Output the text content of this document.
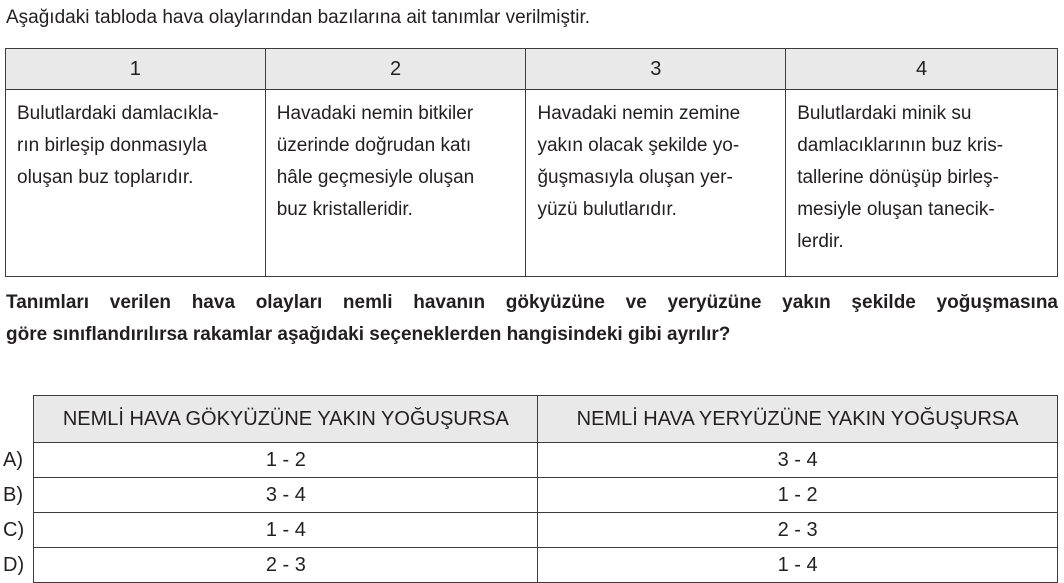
Aşağıdaki tabloda hava olaylarından bazılarına ait tanımlar verilmiştir.
1	2	3	4

Bulutlardaki damlacıkla-
rın birleşip donmasıyla
oluşan buz toplarıdır.	Havadaki nemin bitkiler
üzerinde doğrudan katı
hâle geçmesiyle oluşan
buz kristalleridir.	Havadaki nemin zemine
yakın olacak şekilde yo-
ğuşmasıyla oluşan yer-
yüzü bulutlarıdır.	Bulutlardaki minik su
damlacıklarının buz kris-
tallerine dönüşüp birleş-
mesiyle oluşan tanecik-
lerdir.
Tanımları verilen hava olayları nemli havanın gökyüzüne ve yeryüzüne yakın şekilde yoğuşmasına
göre sınıflandırılırsa rakamlar aşağıdaki seçeneklerden hangisindeki gibi ayrılır?
	NEMLİ HAVA GÖKYÜZÜNE YAKIN YOĞUŞURSA	NEMLİ HAVA YERYÜZÜNE YAKIN YOĞUŞURSA
A)	1 - 2	3 - 4
B)	3 - 4	1 - 2
C)	1 - 4	2 - 3
D)	2 - 3	1 - 4
